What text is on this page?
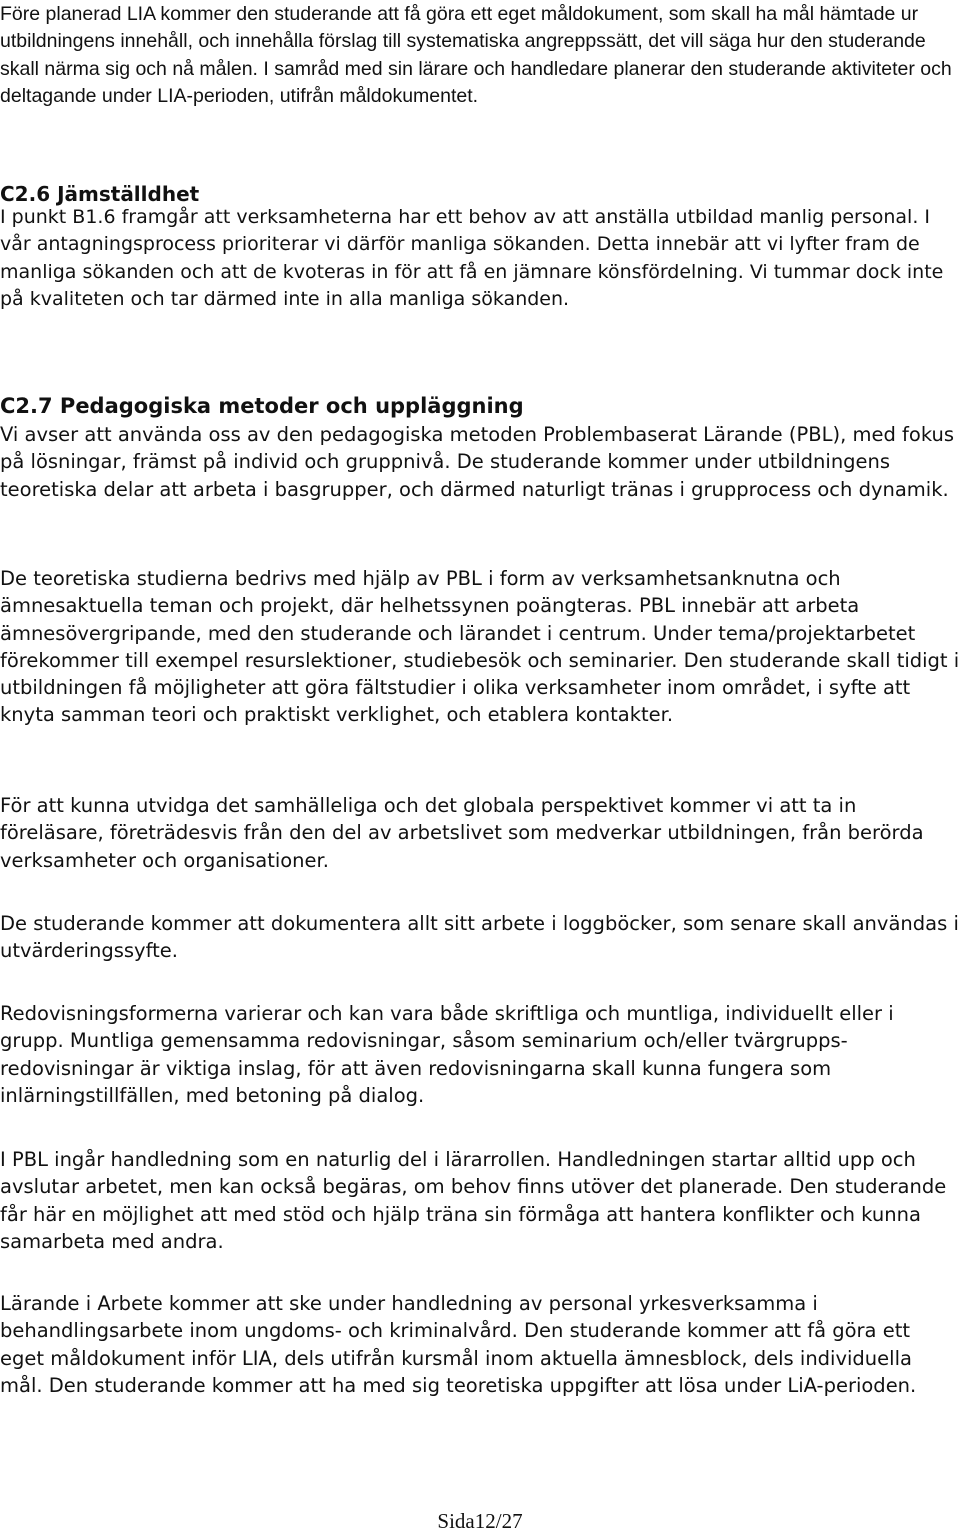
Före planerad LIA kommer den studerande att få göra ett eget måldokument, som skall ha mål hämtade ur utbildningens innehåll, och innehålla förslag till systematiska angreppssätt, det vill säga hur den studerande skall närma sig och nå målen. I samråd med sin lärare och handledare planerar den studerande aktiviteter och deltagande under LIA-perioden, utifrån måldokumentet.

C2.6 Jämställdhet

I punkt B1.6 framgår att verksamheterna har ett behov av att anställa utbildad manlig personal. I vår antagningsprocess prioriterar vi därför manliga sökanden. Detta innebär att vi lyfter fram de manliga sökanden och att de kvoteras in för att få en jämnare könsfördelning. Vi tummar dock inte på kvaliteten och tar därmed inte in alla manliga sökanden.

C2.7 Pedagogiska metoder och uppläggning

Vi avser att använda oss av den pedagogiska metoden Problembaserat Lärande (PBL), med fokus på lösningar, främst på individ och gruppnivå. De studerande kommer under utbildningens teoretiska delar att arbeta i basgrupper, och därmed naturligt tränas i grupprocess och dynamik.

De teoretiska studierna bedrivs med hjälp av PBL i form av verksamhetsanknutna och ämnesaktuella teman och projekt, där helhetssynen poängteras. PBL innebär att arbeta ämnesövergripande, med den studerande och lärandet i centrum. Under tema/projektarbetet förekommer till exempel resurslektioner, studiebesök och seminarier. Den studerande skall tidigt i utbildningen få möjligheter att göra fältstudier i olika verksamheter inom området, i syfte att knyta samman teori och praktiskt verklighet, och etablera kontakter.

För att kunna utvidga det samhälleliga och det globala perspektivet kommer vi att ta in föreläsare, företrädesvis från den del av arbetslivet som medverkar utbildningen, från berörda verksamheter och organisationer.

De studerande kommer att dokumentera allt sitt arbete i loggböcker, som senare skall användas i utvärderingssyfte.

Redovisningsformerna varierar och kan vara både skriftliga och muntliga, individuellt eller i grupp. Muntliga gemensamma redovisningar, såsom seminarium och/eller tvärgrupps-redovisningar är viktiga inslag, för att även redovisningarna skall kunna fungera som inlärningstillfällen, med betoning på dialog.

I PBL ingår handledning som en naturlig del i lärarrollen. Handledningen startar alltid upp och avslutar arbetet, men kan också begäras, om behov finns utöver det planerade. Den studerande får här en möjlighet att med stöd och hjälp träna sin förmåga att hantera konflikter och kunna samarbeta med andra.

Lärande i Arbete kommer att ske under handledning av personal yrkesverksamma i behandlingsarbete inom ungdoms- och kriminalvård. Den studerande kommer att få göra ett eget måldokument inför LIA, dels utifrån kursmål inom aktuella ämnesblock, dels individuella mål. Den studerande kommer att ha med sig teoretiska uppgifter att lösa under LiA-perioden.

Sida12/27
